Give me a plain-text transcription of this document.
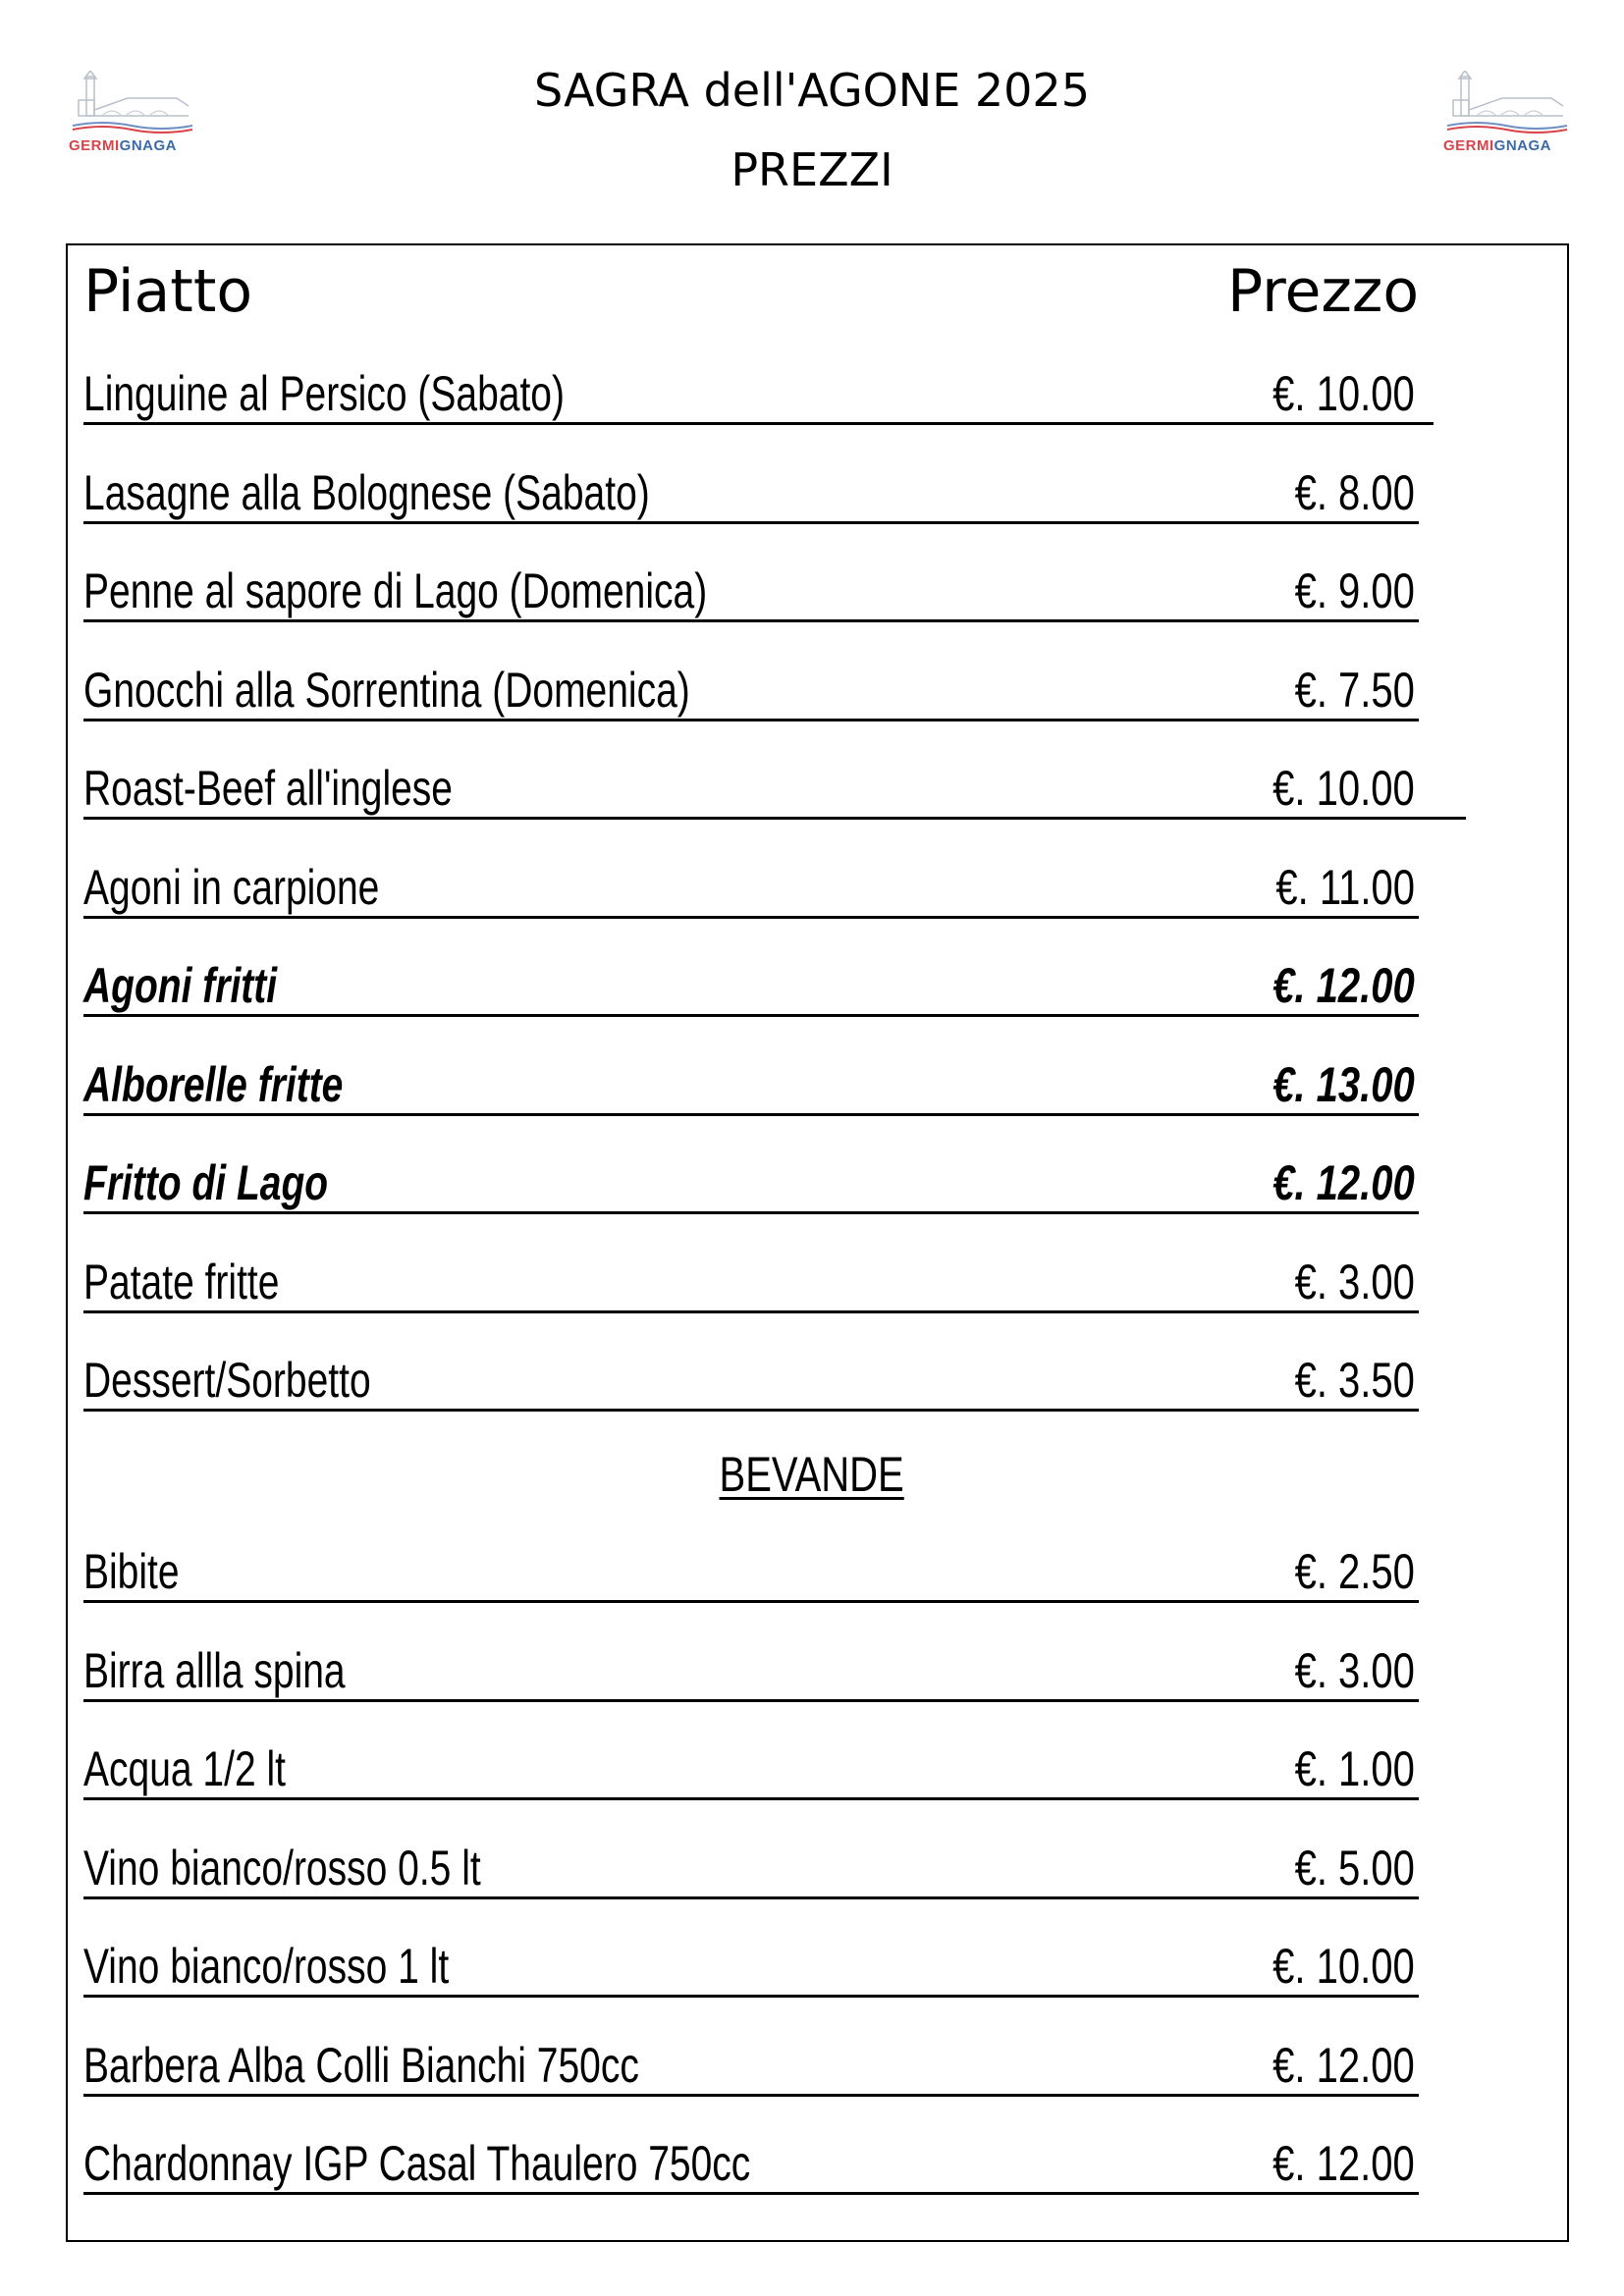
GERMIGNAGA	GERMIGNAGA
SAGRA dell'AGONE 2025
PREZZI
Piatto	Prezzo
Linguine al Persico (Sabato)	€. 10.00
Lasagne alla Bolognese (Sabato)	€. 8.00
Penne al sapore di Lago (Domenica)	€. 9.00
Gnocchi alla Sorrentina (Domenica)	€. 7.50
Roast-Beef all'inglese	€. 10.00
Agoni in carpione	€. 11.00
Agoni fritti	€. 12.00
Alborelle fritte	€. 13.00
Fritto di Lago	€. 12.00
Patate fritte	€. 3.00
Dessert/Sorbetto	€. 3.50
Bibite	€. 2.50
Birra allla spina	€. 3.00
Acqua 1/2 lt	€. 1.00
Vino bianco/rosso 0.5 lt	€. 5.00
Vino bianco/rosso 1 lt	€. 10.00
Barbera Alba Colli Bianchi 750cc	€. 12.00
Chardonnay IGP Casal Thaulero 750cc	€. 12.00
BEVANDE
